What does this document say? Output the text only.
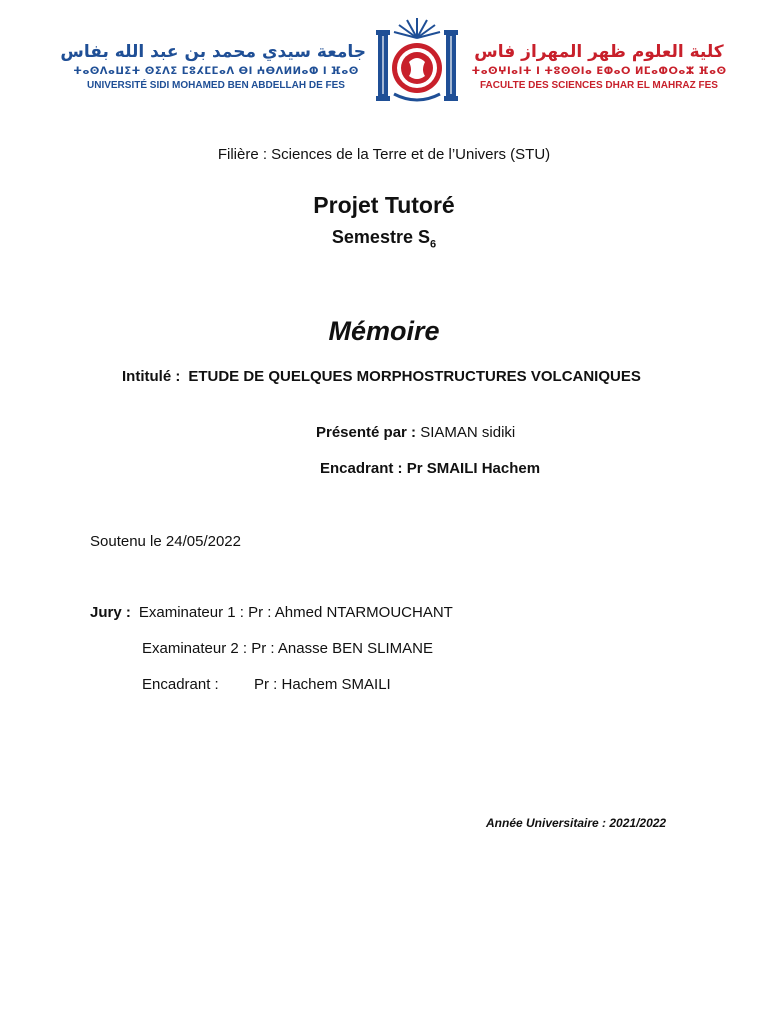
جامعة سيدي محمد بن عبد الله بفاس
ⵜⴰⵙⴷⴰⵡⵉⵜ ⵙⵉⴷⵉ ⵎⵓⵃⵎⵎⴰⴷ ⴱⵏ ⵄⴱⴷⵍⵍⴰⵀ ⵏ ⴼⴰⵙ
UNIVERSITÉ SIDI MOHAMED BEN ABDELLAH DE FES
كلية العلوم ظهر المهراز فاس
ⵜⴰⵙⵖⵏⴰⵏⵜ ⵏ ⵜⵓⵙⵙⵏⴰ ⴹⵀⴰⵔ ⵍⵎⴰⵀⵔⴰⵣ ⴼⴰⵙ
FACULTE DES SCIENCES DHAR EL MAHRAZ FES
Filière : Sciences de la Terre et de l’Univers (STU)
Projet Tutoré
Semestre $S_6$
Mémoire
Intitulé : ETUDE DE QUELQUES MORPHOSTRUCTURES VOLCANIQUES
Présenté par : SIAMAN sidiki
Encadrant : Pr SMAILI Hachem
Soutenu le 24/05/2022
Jury : Examinateur 1 : Pr : Ahmed NTARMOUCHANT
Examinateur 2 : Pr : Anasse BEN SLIMANE
Encadrant : Pr : Hachem SMAILI
Année Universitaire : 2021/2022
